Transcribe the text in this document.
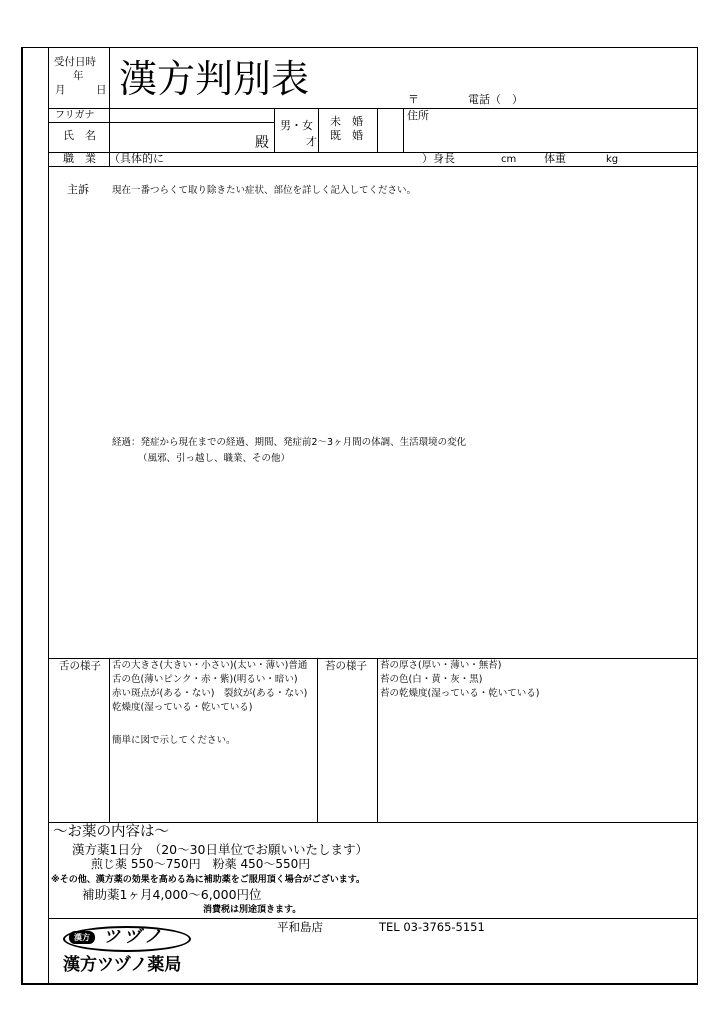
受付日時
年
月	日 漢方判別表	〒	電話（　）
フリガナ
氏　名	殿
男・女
才
未　婚
既　婚
住所
職　業 （具体的に	）身長	cm	体重	kg
主訴 現在一番つらくて取り除きたい症状、部位を詳しく記入してください。
経過：発症から現在までの経過、期間、発症前2～3ヶ月間の体調、生活環境の変化
（風邪、引っ越し、職業、その他）
舌の様子 舌の大きさ(大きい・小さい)(太い・薄い)普通
舌の色(薄いピンク・赤・紫)(明るい・暗い)
赤い斑点が(ある・ない)　裂紋が(ある・ない)
乾燥度(湿っている・乾いている)
簡単に図で示してください。
苔の様子 苔の厚さ(厚い・薄い・無苔)
苔の色(白・黄・灰・黒)
苔の乾燥度(湿っている・乾いている)
～お薬の内容は～
漢方薬1日分　（20～30日単位でお願いいたします）
煎じ薬 550～750円　粉薬 450～550円
※その他、漢方薬の効果を高める為に補助薬をご服用頂く場合がございます。
補助薬1ヶ月4,000～6,000円位
消費税は別途頂きます。
漢方 ツヅノ
漢方ツヅノ薬局
平和島店	TEL 03-3765-5151
